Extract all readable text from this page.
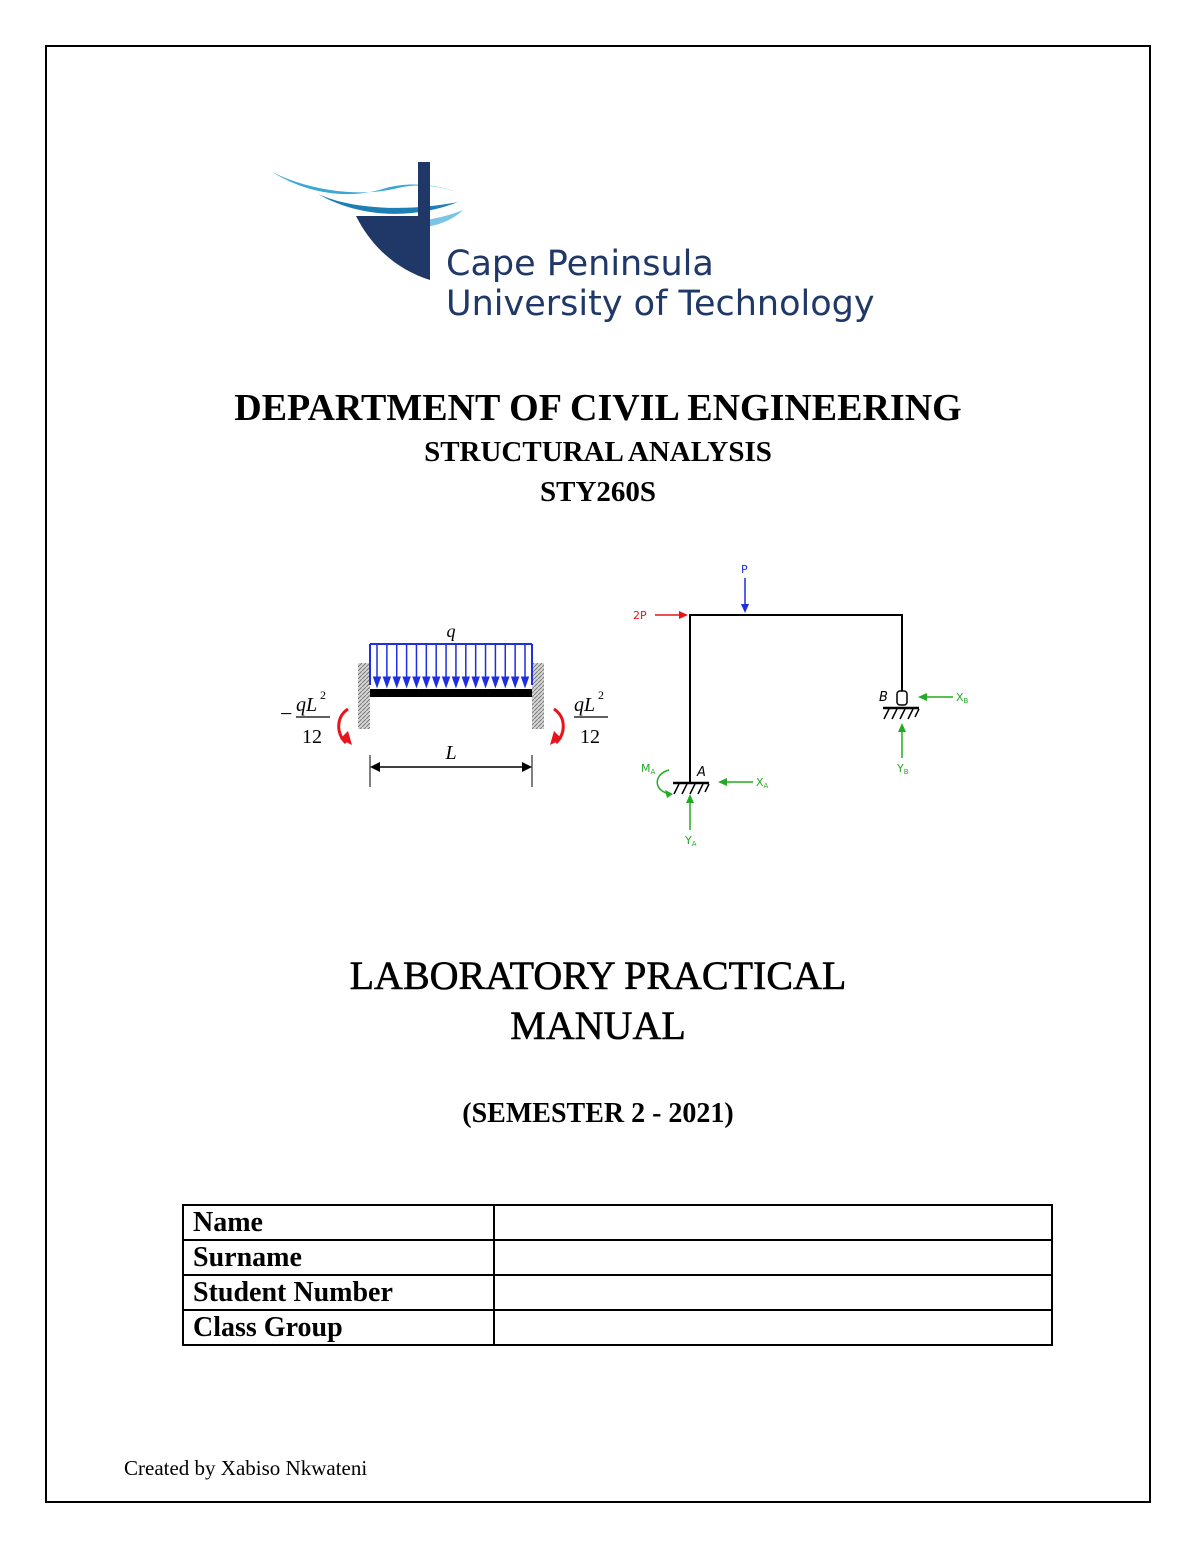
Cape Peninsula
University of Technology
DEPARTMENT OF CIVIL ENGINEERING
STRUCTURAL ANALYSIS
STY260S
q
− qL 2
12
qL 2
12
L
P
2P
A
MA
XA
YA
B	XB
YB
LABORATORY PRACTICAL
MANUAL
(SEMESTER 2 - 2021)
Name	
Surname	
Student Number	
Class Group	
Created by Xabiso Nkwateni
